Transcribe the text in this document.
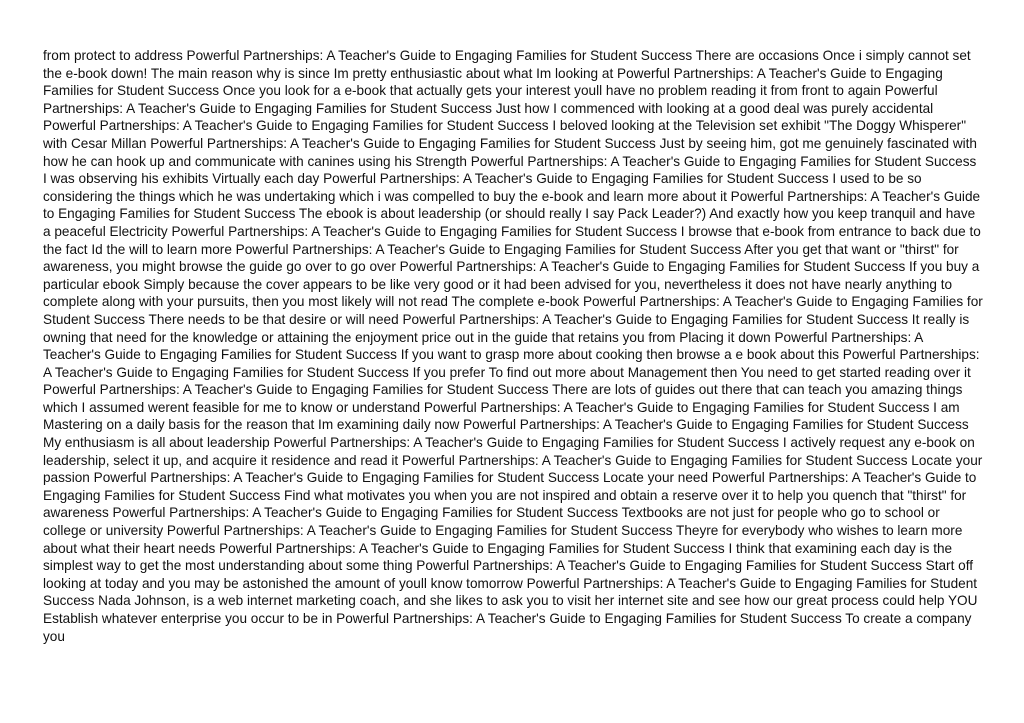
from protect to address Powerful Partnerships: A Teacher's Guide to Engaging Families for Student Success There are occasions Once i simply cannot set the e-book down! The main reason why is since Im pretty enthusiastic about what Im looking at Powerful Partnerships: A Teacher's Guide to Engaging Families for Student Success Once you look for a e-book that actually gets your interest youll have no problem reading it from front to again Powerful Partnerships: A Teacher's Guide to Engaging Families for Student Success Just how I commenced with looking at a good deal was purely accidental Powerful Partnerships: A Teacher's Guide to Engaging Families for Student Success I beloved looking at the Television set exhibit "The Doggy Whisperer" with Cesar Millan Powerful Partnerships: A Teacher's Guide to Engaging Families for Student Success Just by seeing him, got me genuinely fascinated with how he can hook up and communicate with canines using his Strength Powerful Partnerships: A Teacher's Guide to Engaging Families for Student Success I was observing his exhibits Virtually each day Powerful Partnerships: A Teacher's Guide to Engaging Families for Student Success I used to be so considering the things which he was undertaking which i was compelled to buy the e-book and learn more about it Powerful Partnerships: A Teacher's Guide to Engaging Families for Student Success The ebook is about leadership (or should really I say Pack Leader?) And exactly how you keep tranquil and have a peaceful Electricity Powerful Partnerships: A Teacher's Guide to Engaging Families for Student Success I browse that e-book from entrance to back due to the fact Id the will to learn more Powerful Partnerships: A Teacher's Guide to Engaging Families for Student Success After you get that want or "thirst" for awareness, you might browse the guide go over to go over Powerful Partnerships: A Teacher's Guide to Engaging Families for Student Success If you buy a particular ebook Simply because the cover appears to be like very good or it had been advised for you, nevertheless it does not have nearly anything to complete along with your pursuits, then you most likely will not read The complete e-book Powerful Partnerships: A Teacher's Guide to Engaging Families for Student Success There needs to be that desire or will need Powerful Partnerships: A Teacher's Guide to Engaging Families for Student Success It really is owning that need for the knowledge or attaining the enjoyment price out in the guide that retains you from Placing it down Powerful Partnerships: A Teacher's Guide to Engaging Families for Student Success If you want to grasp more about cooking then browse a e book about this Powerful Partnerships: A Teacher's Guide to Engaging Families for Student Success If you prefer To find out more about Management then You need to get started reading over it Powerful Partnerships: A Teacher's Guide to Engaging Families for Student Success There are lots of guides out there that can teach you amazing things which I assumed werent feasible for me to know or understand Powerful Partnerships: A Teacher's Guide to Engaging Families for Student Success I am Mastering on a daily basis for the reason that Im examining daily now Powerful Partnerships: A Teacher's Guide to Engaging Families for Student Success My enthusiasm is all about leadership Powerful Partnerships: A Teacher's Guide to Engaging Families for Student Success I actively request any e-book on leadership, select it up, and acquire it residence and read it Powerful Partnerships: A Teacher's Guide to Engaging Families for Student Success Locate your passion Powerful Partnerships: A Teacher's Guide to Engaging Families for Student Success Locate your need Powerful Partnerships: A Teacher's Guide to Engaging Families for Student Success Find what motivates you when you are not inspired and obtain a reserve over it to help you quench that "thirst" for awareness Powerful Partnerships: A Teacher's Guide to Engaging Families for Student Success Textbooks are not just for people who go to school or college or university Powerful Partnerships: A Teacher's Guide to Engaging Families for Student Success Theyre for everybody who wishes to learn more about what their heart needs Powerful Partnerships: A Teacher's Guide to Engaging Families for Student Success I think that examining each day is the simplest way to get the most understanding about some thing Powerful Partnerships: A Teacher's Guide to Engaging Families for Student Success Start off looking at today and you may be astonished the amount of youll know tomorrow Powerful Partnerships: A Teacher's Guide to Engaging Families for Student Success Nada Johnson, is a web internet marketing coach, and she likes to ask you to visit her internet site and see how our great process could help YOU Establish whatever enterprise you occur to be in Powerful Partnerships: A Teacher's Guide to Engaging Families for Student Success To create a company you
